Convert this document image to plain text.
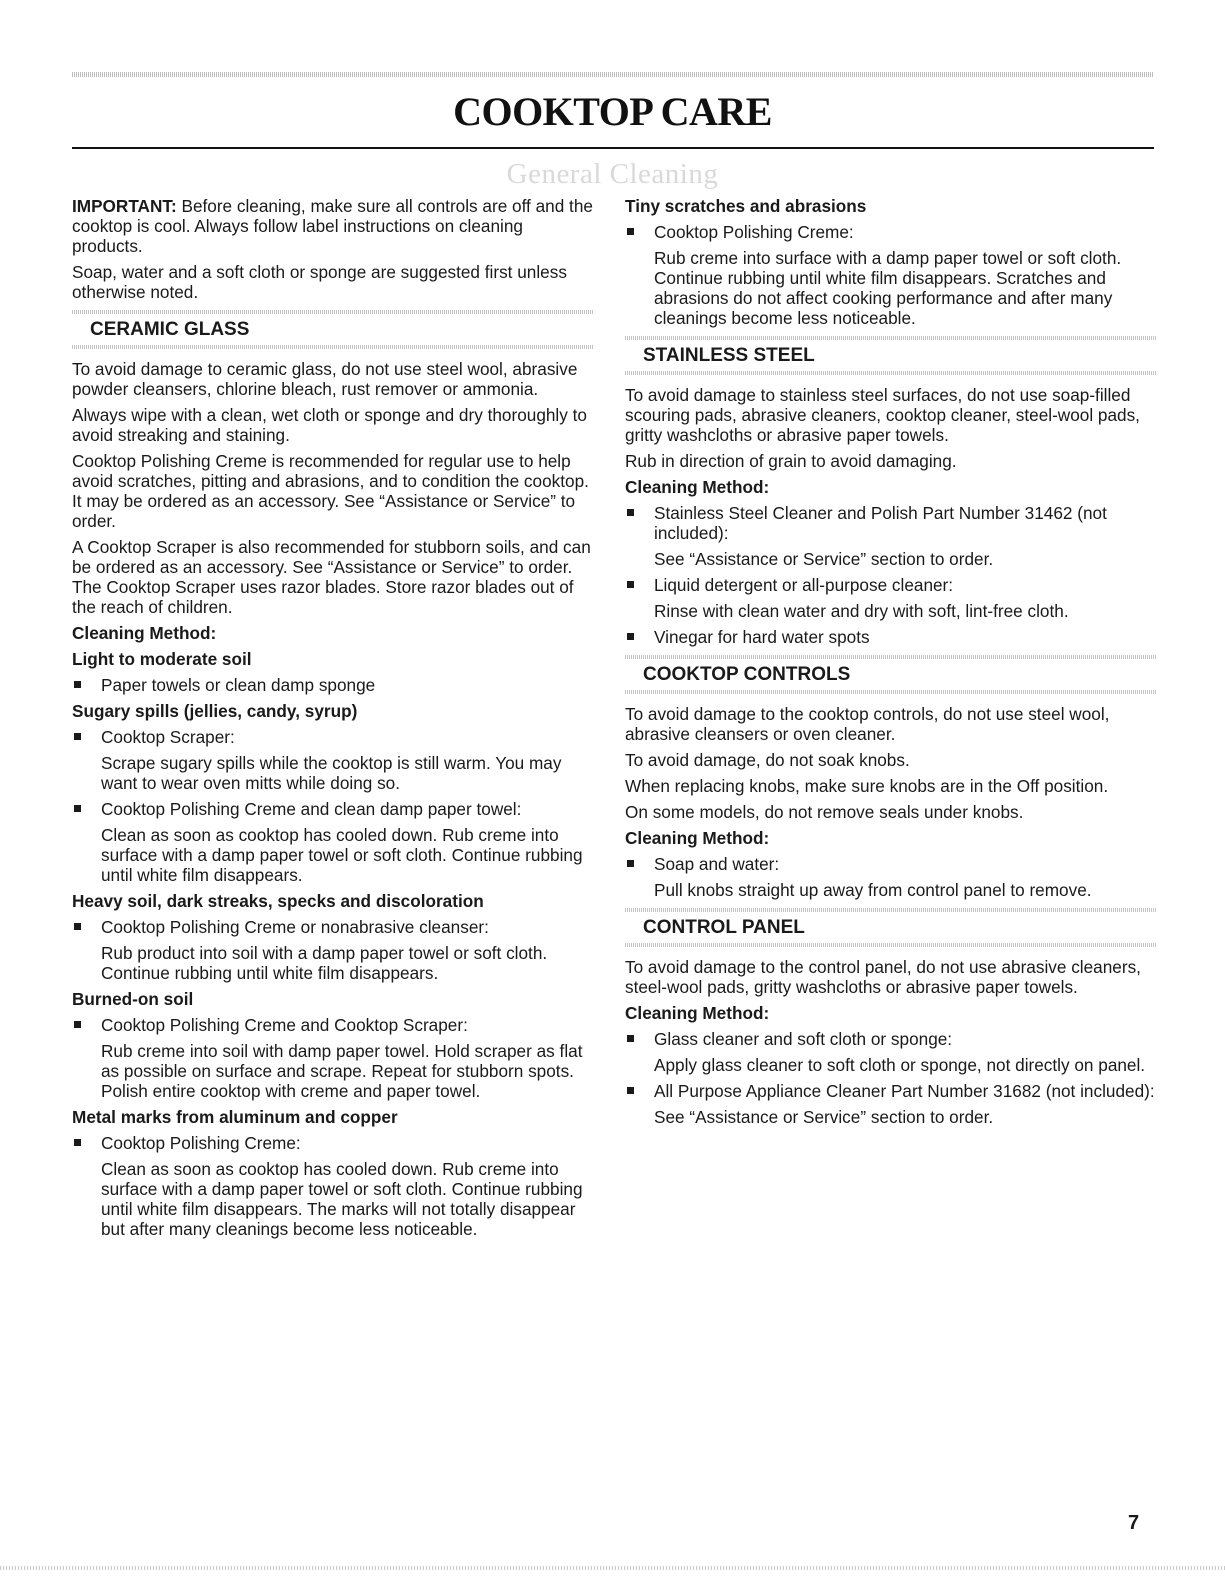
COOKTOP CARE
General Cleaning

IMPORTANT: Before cleaning, make sure all controls are off and the cooktop is cool. Always follow label instructions on cleaning products.

Soap, water and a soft cloth or sponge are suggested first unless otherwise noted.

CERAMIC GLASS

To avoid damage to ceramic glass, do not use steel wool, abrasive powder cleansers, chlorine bleach, rust remover or ammonia.

Always wipe with a clean, wet cloth or sponge and dry thoroughly to avoid streaking and staining.

Cooktop Polishing Creme is recommended for regular use to help avoid scratches, pitting and abrasions, and to condition the cooktop. It may be ordered as an accessory. See “Assistance or Service” to order.

A Cooktop Scraper is also recommended for stubborn soils, and can be ordered as an accessory. See “Assistance or Service” to order. The Cooktop Scraper uses razor blades. Store razor blades out of the reach of children.

Cleaning Method:
Light to moderate soil
Paper towels or clean damp sponge
Sugary spills (jellies, candy, syrup)
Cooktop Scraper:
Scrape sugary spills while the cooktop is still warm. You may want to wear oven mitts while doing so.
Cooktop Polishing Creme and clean damp paper towel:
Clean as soon as cooktop has cooled down. Rub creme into surface with a damp paper towel or soft cloth. Continue rubbing until white film disappears.
Heavy soil, dark streaks, specks and discoloration
Cooktop Polishing Creme or nonabrasive cleanser:
Rub product into soil with a damp paper towel or soft cloth. Continue rubbing until white film disappears.
Burned-on soil
Cooktop Polishing Creme and Cooktop Scraper:
Rub creme into soil with damp paper towel. Hold scraper as flat as possible on surface and scrape. Repeat for stubborn spots. Polish entire cooktop with creme and paper towel.
Metal marks from aluminum and copper
Cooktop Polishing Creme:
Clean as soon as cooktop has cooled down. Rub creme into surface with a damp paper towel or soft cloth. Continue rubbing until white film disappears. The marks will not totally disappear but after many cleanings become less noticeable.
Tiny scratches and abrasions
Cooktop Polishing Creme:
Rub creme into surface with a damp paper towel or soft cloth. Continue rubbing until white film disappears. Scratches and abrasions do not affect cooking performance and after many cleanings become less noticeable.
STAINLESS STEEL

To avoid damage to stainless steel surfaces, do not use soap-filled scouring pads, abrasive cleaners, cooktop cleaner, steel-wool pads, gritty washcloths or abrasive paper towels.

Rub in direction of grain to avoid damaging.

Cleaning Method:
Stainless Steel Cleaner and Polish Part Number 31462 (not included):
See “Assistance or Service” section to order.
Liquid detergent or all-purpose cleaner:
Rinse with clean water and dry with soft, lint-free cloth.
Vinegar for hard water spots
COOKTOP CONTROLS

To avoid damage to the cooktop controls, do not use steel wool, abrasive cleansers or oven cleaner.

To avoid damage, do not soak knobs.

When replacing knobs, make sure knobs are in the Off position.

On some models, do not remove seals under knobs.

Cleaning Method:
Soap and water:
Pull knobs straight up away from control panel to remove.
CONTROL PANEL

To avoid damage to the control panel, do not use abrasive cleaners, steel-wool pads, gritty washcloths or abrasive paper towels.

Cleaning Method:
Glass cleaner and soft cloth or sponge:
Apply glass cleaner to soft cloth or sponge, not directly on panel.
All Purpose Appliance Cleaner Part Number 31682 (not included):
See “Assistance or Service” section to order.
7
